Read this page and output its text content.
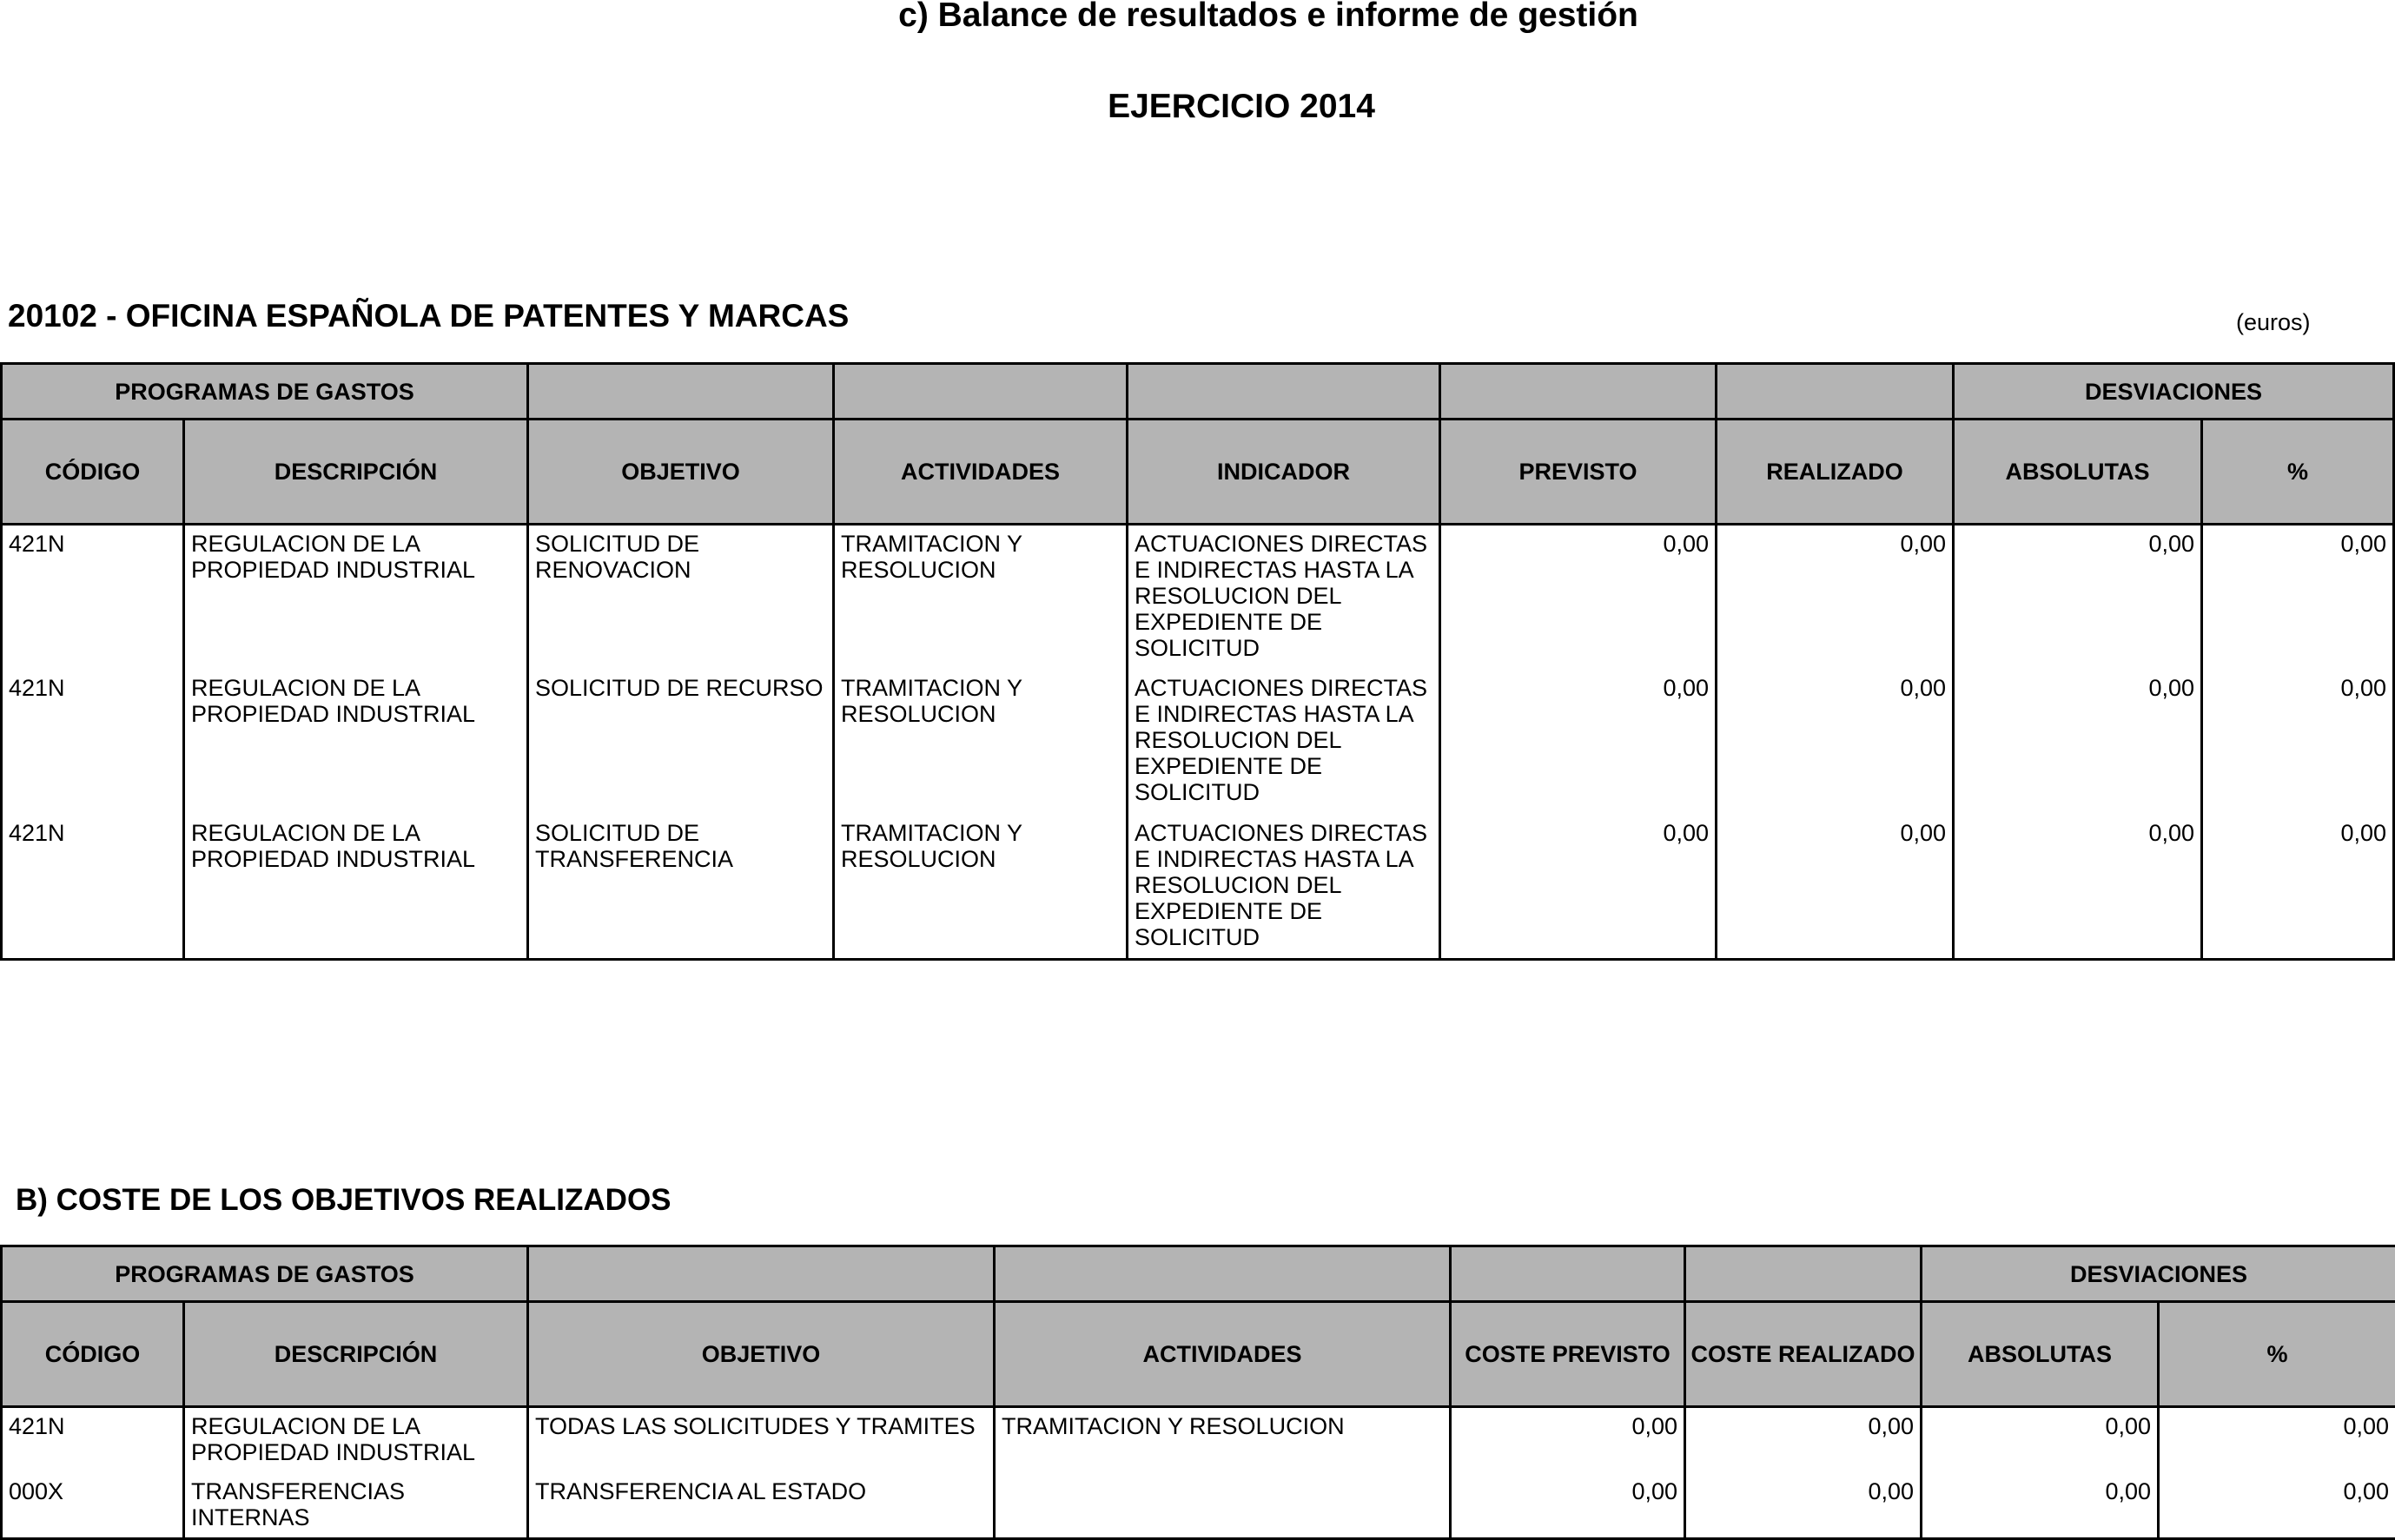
c) Balance de resultados e informe de gestión
EJERCICIO 2014
20102 - OFICINA ESPAÑOLA DE PATENTES Y MARCAS	(euros)
PROGRAMAS DE GASTOS							DESVIACIONES	
CÓDIGO	DESCRIPCIÓN	OBJETIVO	ACTIVIDADES	INDICADOR	PREVISTO	REALIZADO	ABSOLUTAS	%
421N	REGULACION DE LA PROPIEDAD INDUSTRIAL	SOLICITUD DE RENOVACION	TRAMITACION Y RESOLUCION	ACTUACIONES DIRECTAS E INDIRECTAS HASTA LA RESOLUCION DEL EXPEDIENTE DE SOLICITUD	0,00	0,00	0,00	0,00
421N	REGULACION DE LA PROPIEDAD INDUSTRIAL	SOLICITUD DE RECURSO	TRAMITACION Y RESOLUCION	ACTUACIONES DIRECTAS E INDIRECTAS HASTA LA RESOLUCION DEL EXPEDIENTE DE SOLICITUD	0,00	0,00	0,00	0,00
421N	REGULACION DE LA PROPIEDAD INDUSTRIAL	SOLICITUD DE TRANSFERENCIA	TRAMITACION Y RESOLUCION	ACTUACIONES DIRECTAS E INDIRECTAS HASTA LA RESOLUCION DEL EXPEDIENTE DE SOLICITUD	0,00	0,00	0,00	0,00
B) COSTE DE LOS OBJETIVOS REALIZADOS
PROGRAMAS DE GASTOS						DESVIACIONES	
CÓDIGO	DESCRIPCIÓN	OBJETIVO	ACTIVIDADES	COSTE PREVISTO	COSTE REALIZADO	ABSOLUTAS	%
421N	REGULACION DE LA PROPIEDAD INDUSTRIAL	TODAS LAS SOLICITUDES Y TRAMITES	TRAMITACION Y RESOLUCION	0,00	0,00	0,00	0,00
000X	TRANSFERENCIAS INTERNAS	TRANSFERENCIA AL ESTADO		0,00	0,00	0,00	0,00
